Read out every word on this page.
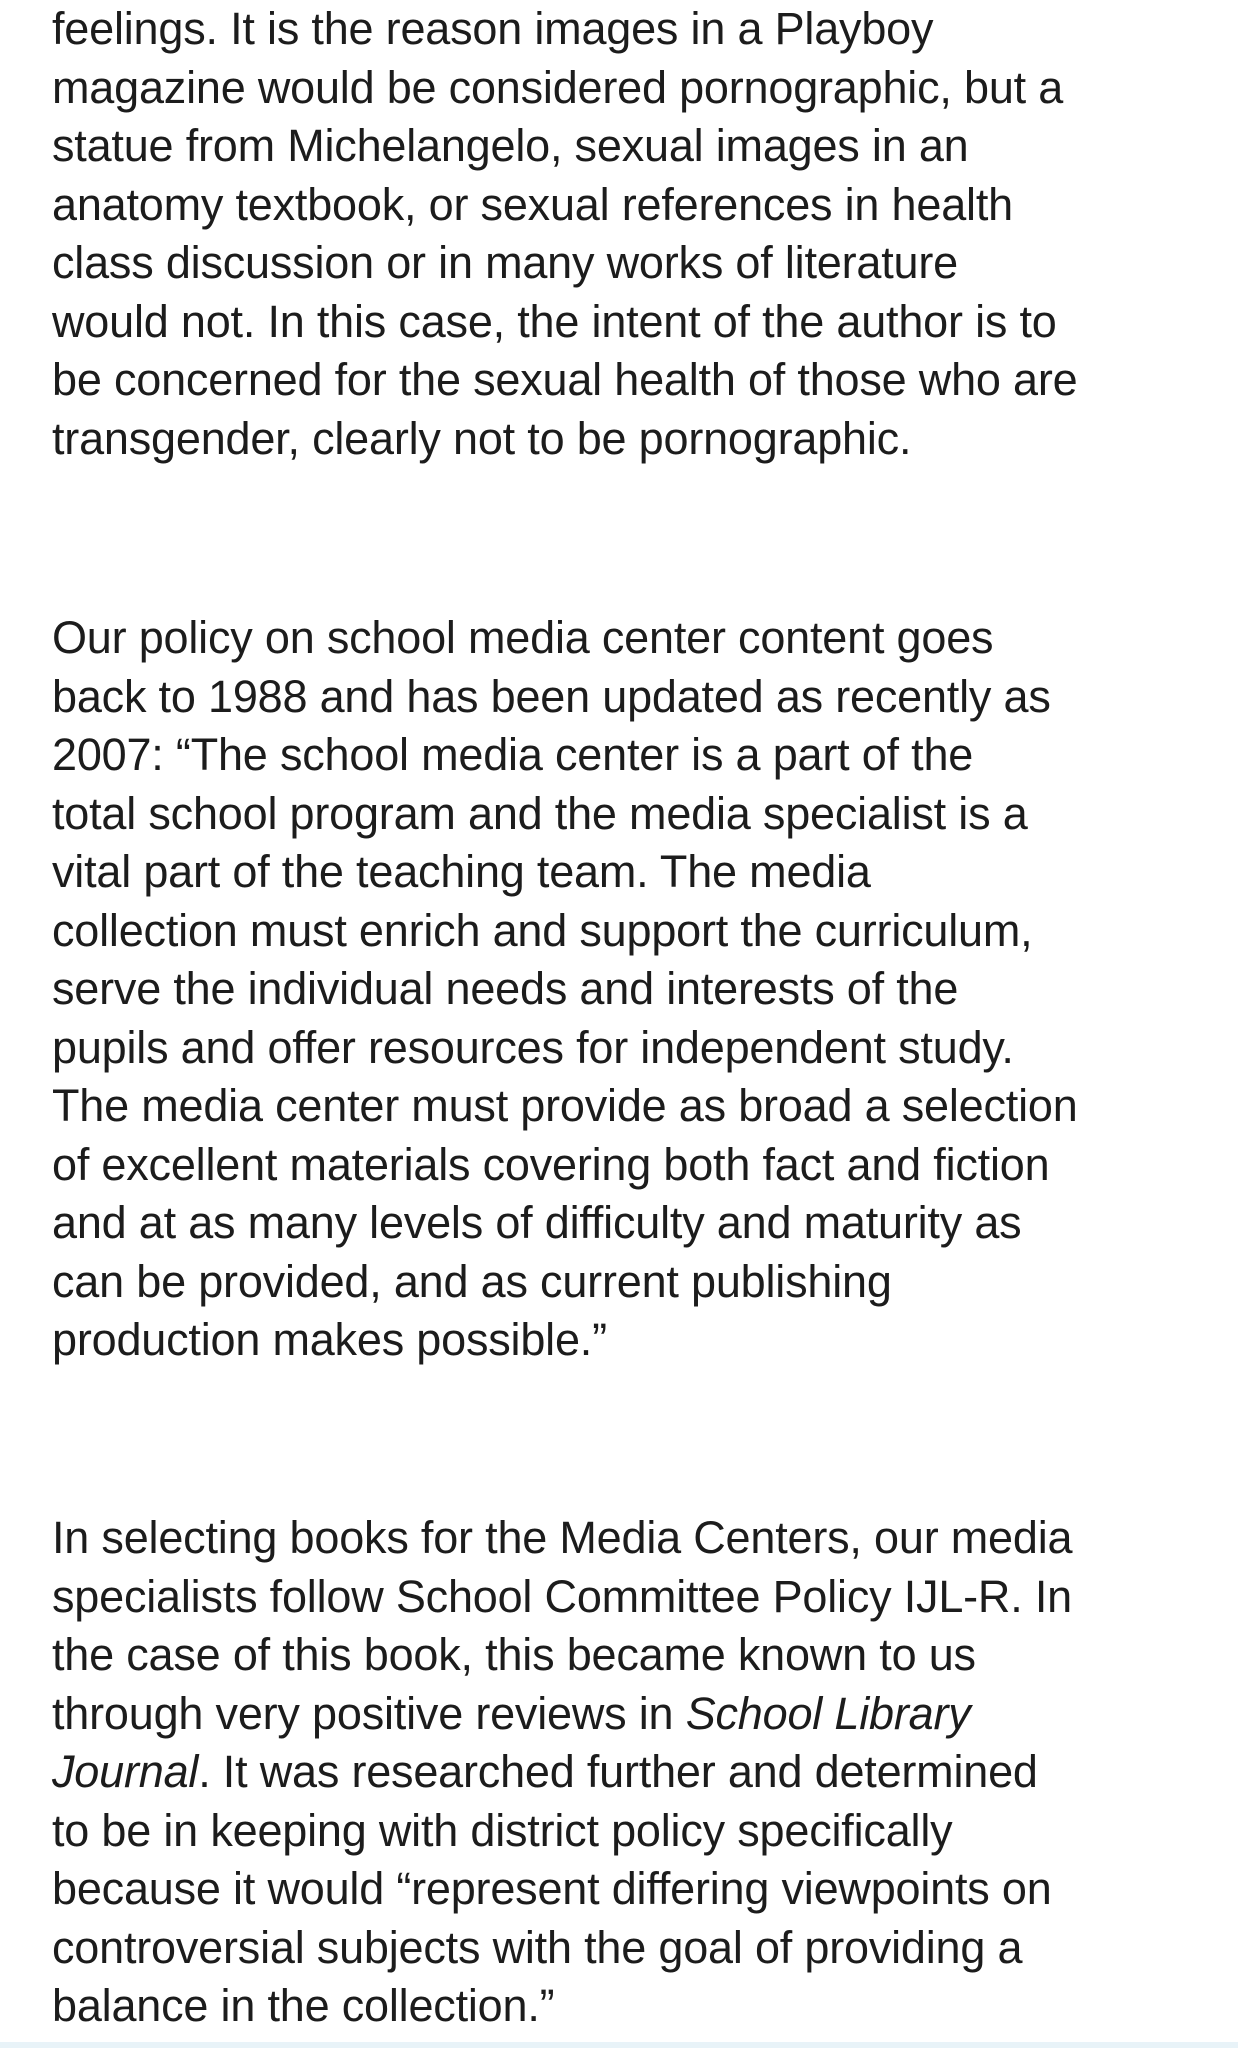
feelings. It is the reason images in a Playboy
magazine would be considered pornographic, but a
statue from Michelangelo, sexual images in an
anatomy textbook, or sexual references in health
class discussion or in many works of literature
would not. In this case, the intent of the author is to
be concerned for the sexual health of those who are
transgender, clearly not to be pornographic.

Our policy on school media center content goes
back to 1988 and has been updated as recently as
2007: “The school media center is a part of the
total school program and the media specialist is a
vital part of the teaching team. The media
collection must enrich and support the curriculum,
serve the individual needs and interests of the
pupils and offer resources for independent study.
The media center must provide as broad a selection
of excellent materials covering both fact and fiction
and at as many levels of difficulty and maturity as
can be provided, and as current publishing
production makes possible.”

In selecting books for the Media Centers, our media
specialists follow School Committee Policy IJL-R. In
the case of this book, this became known to us
through very positive reviews in School Library
Journal. It was researched further and determined
to be in keeping with district policy specifically
because it would “represent differing viewpoints on
controversial subjects with the goal of providing a
balance in the collection.”
